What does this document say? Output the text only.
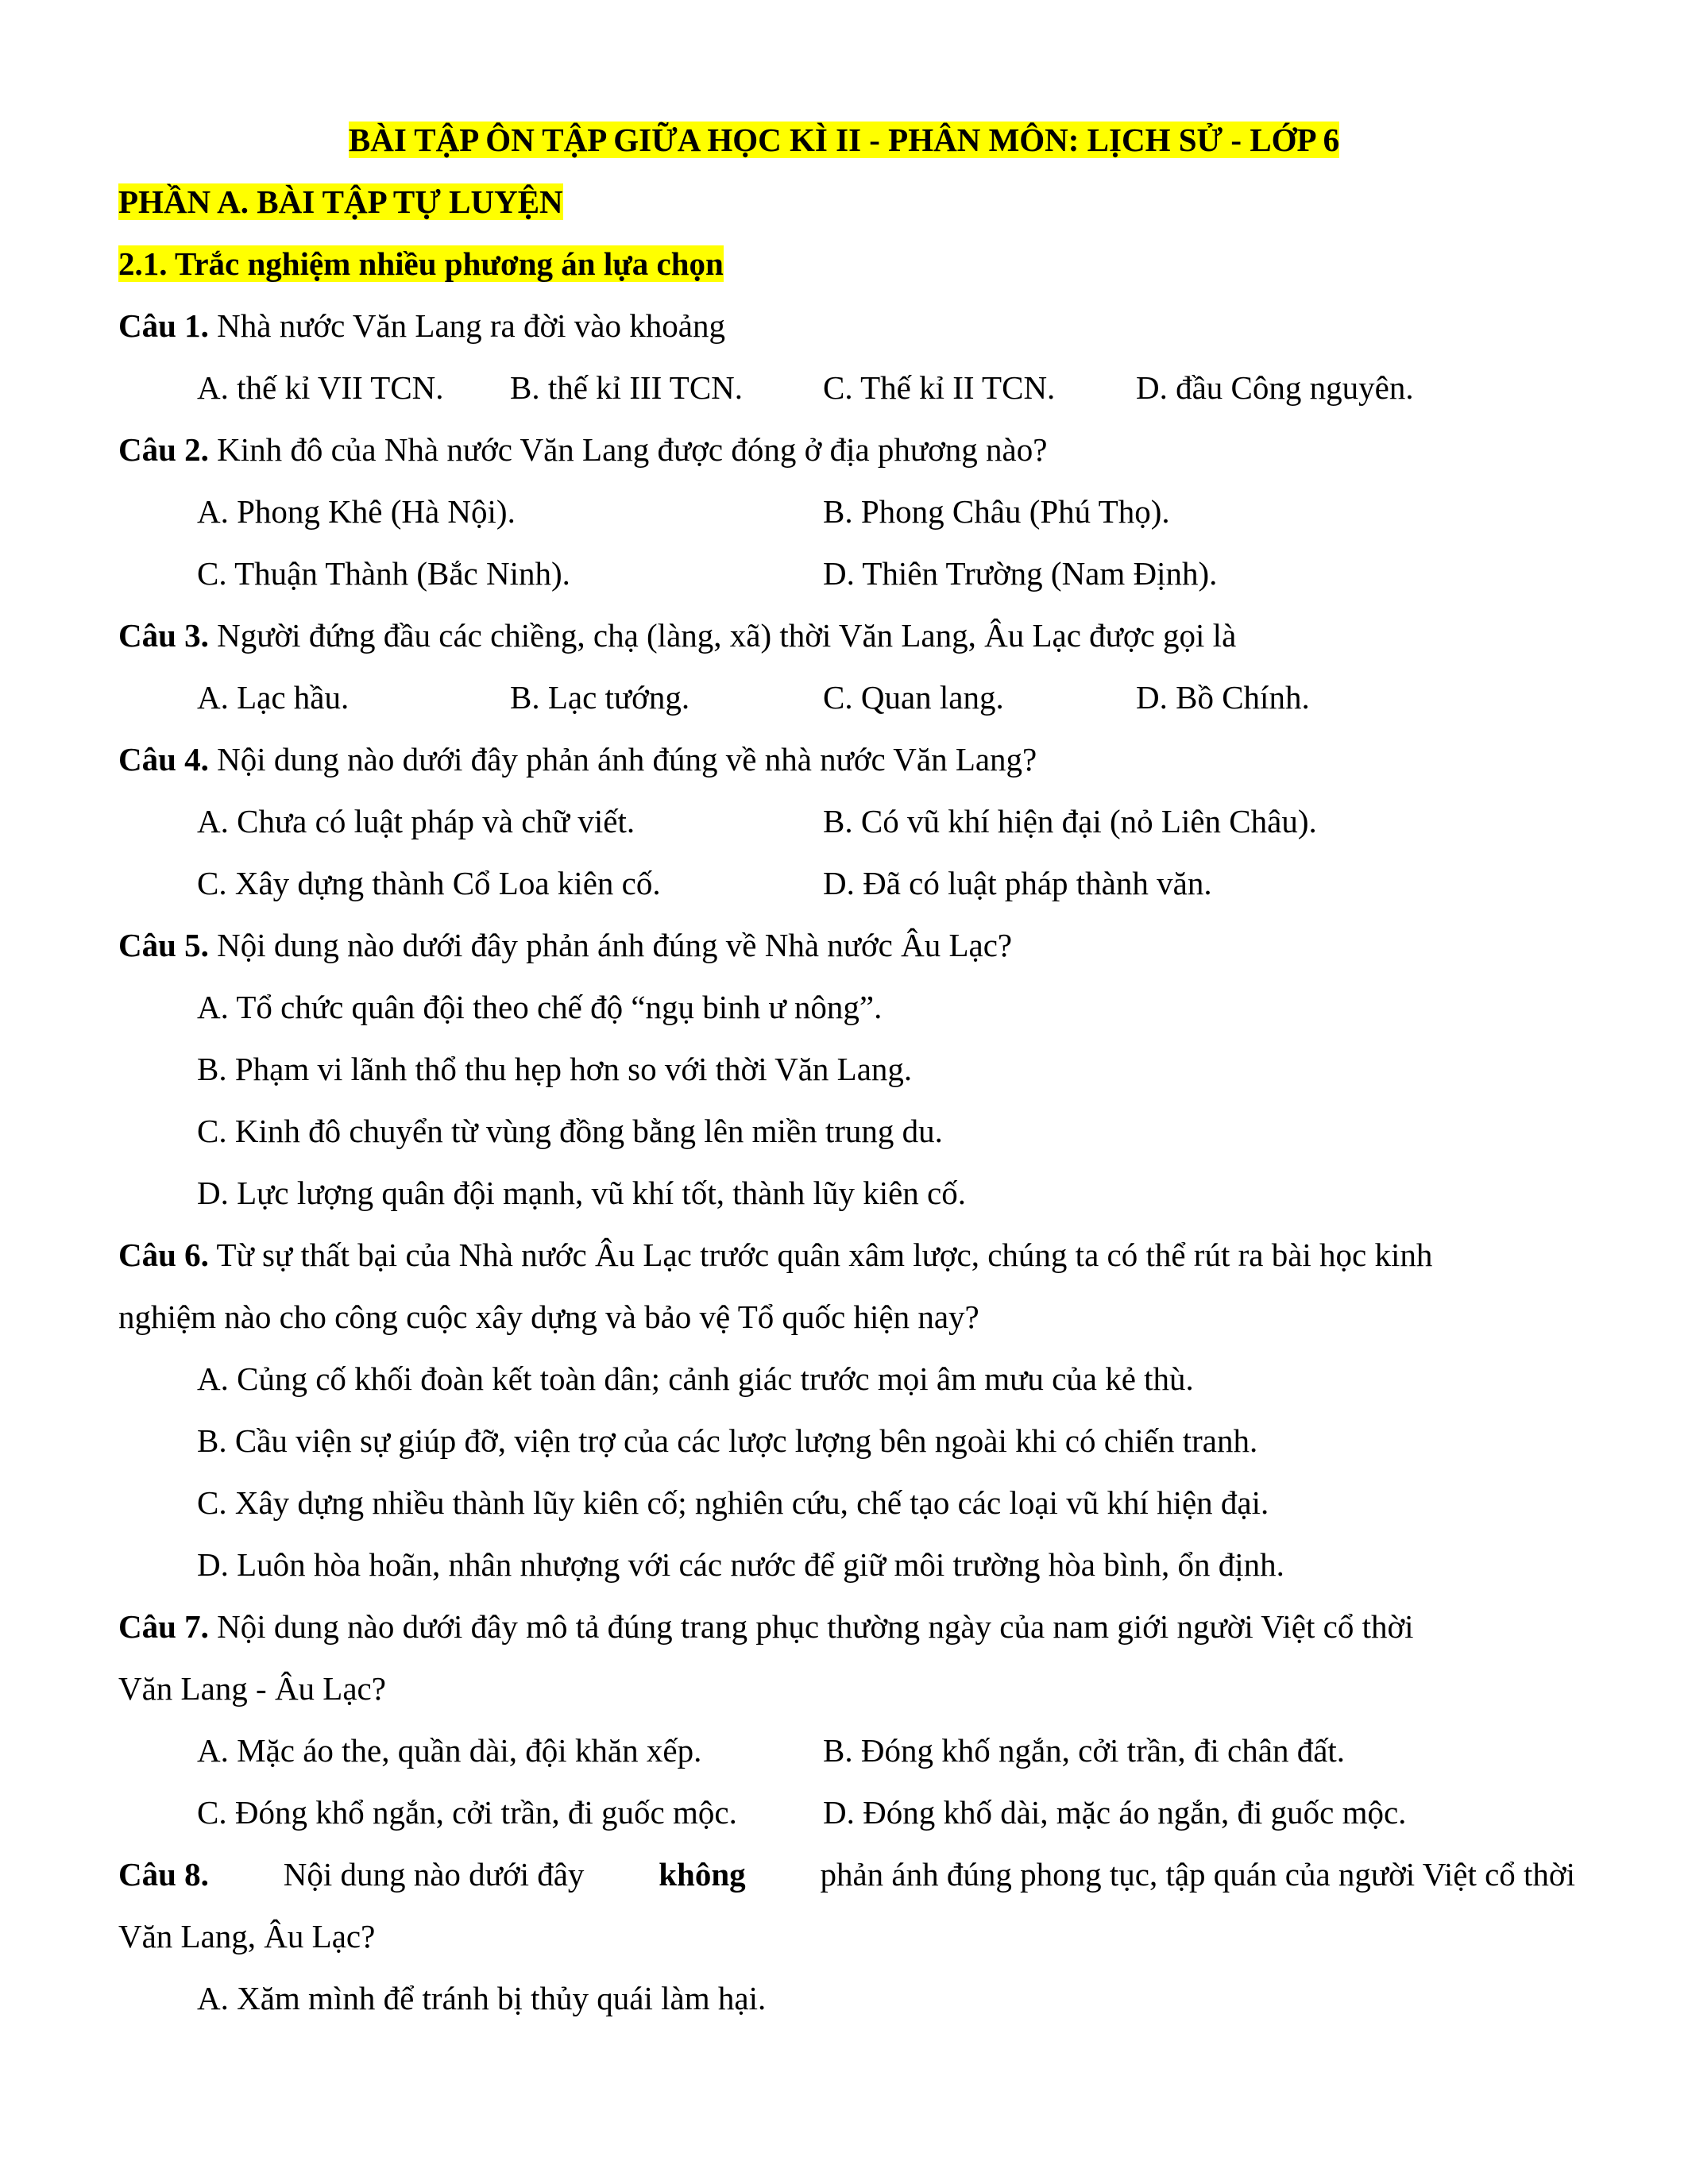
BÀI TẬP ÔN TẬP GIỮA HỌC KÌ II - PHÂN MÔN: LỊCH SỬ - LỚP 6
PHẦN A. BÀI TẬP TỰ LUYỆN
2.1. Trắc nghiệm nhiều phương án lựa chọn
Câu 1. Nhà nước Văn Lang ra đời vào khoảng
A. thế kỉ VII TCN. B. thế kỉ III TCN. C. Thế kỉ II TCN. D. đầu Công nguyên.
Câu 2. Kinh đô của Nhà nước Văn Lang được đóng ở địa phương nào?
A. Phong Khê (Hà Nội).	B. Phong Châu (Phú Thọ).
C. Thuận Thành (Bắc Ninh).	D. Thiên Trường (Nam Định).
Câu 3. Người đứng đầu các chiềng, chạ (làng, xã) thời Văn Lang, Âu Lạc được gọi là
A. Lạc hầu.	B. Lạc tướng.	C. Quan lang.	D. Bồ Chính.
Câu 4. Nội dung nào dưới đây phản ánh đúng về nhà nước Văn Lang?
A. Chưa có luật pháp và chữ viết.	B. Có vũ khí hiện đại (nỏ Liên Châu).
C. Xây dựng thành Cổ Loa kiên cố.	D. Đã có luật pháp thành văn.
Câu 5. Nội dung nào dưới đây phản ánh đúng về Nhà nước Âu Lạc?
A. Tổ chức quân đội theo chế độ “ngụ binh ư nông”.
B. Phạm vi lãnh thổ thu hẹp hơn so với thời Văn Lang.
C. Kinh đô chuyển từ vùng đồng bằng lên miền trung du.
D. Lực lượng quân đội mạnh, vũ khí tốt, thành lũy kiên cố.
Câu 6. Từ sự thất bại của Nhà nước Âu Lạc trước quân xâm lược, chúng ta có thể rút ra bài học kinh
nghiệm nào cho công cuộc xây dựng và bảo vệ Tổ quốc hiện nay?
A. Củng cố khối đoàn kết toàn dân; cảnh giác trước mọi âm mưu của kẻ thù.
B. Cầu viện sự giúp đỡ, viện trợ của các lược lượng bên ngoài khi có chiến tranh.
C. Xây dựng nhiều thành lũy kiên cố; nghiên cứu, chế tạo các loại vũ khí hiện đại.
D. Luôn hòa hoãn, nhân nhượng với các nước để giữ môi trường hòa bình, ổn định.
Câu 7. Nội dung nào dưới đây mô tả đúng trang phục thường ngày của nam giới người Việt cổ thời
Văn Lang - Âu Lạc?
A. Mặc áo the, quần dài, đội khăn xếp.	B. Đóng khố ngắn, cởi trần, đi chân đất.
C. Đóng khổ ngắn, cởi trần, đi guốc mộc.	D. Đóng khố dài, mặc áo ngắn, đi guốc mộc.
Câu 8. Nội dung nào dưới đây không phản ánh đúng phong tục, tập quán của người Việt cổ thời
Văn Lang, Âu Lạc?
A. Xăm mình để tránh bị thủy quái làm hại.
